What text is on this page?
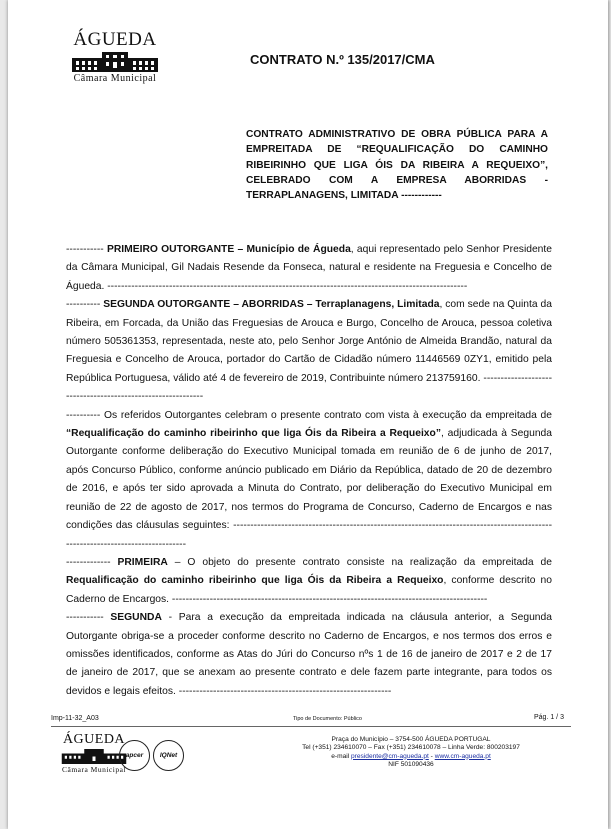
ÁGUEDA
Câmara Municipal
CONTRATO N.º 135/2017/CMA
CONTRATO ADMINISTRATIVO DE OBRA PÚBLICA PARA A EMPREITADA DE “REQUALIFICAÇÃO DO CAMINHO RIBEIRINHO QUE LIGA ÓIS DA RIBEIRA A REQUEIXO”, CELEBRADO COM A EMPRESA ABORRIDAS - TERRAPLANAGENS, LIMITADA ------------

----------- PRIMEIRO OUTORGANTE – Município de Águeda, aqui representado pelo Senhor Presidente da Câmara Municipal, Gil Nadais Resende da Fonseca, natural e residente na Freguesia e Concelho de Águeda. ---------------------------------------------------------------------------------------------------------

---------- SEGUNDA OUTORGANTE – ABORRIDAS – Terraplanagens, Limitada, com sede na Quinta da Ribeira, em Forcada, da União das Freguesias de Arouca e Burgo, Concelho de Arouca, pessoa coletiva número 505361353, representada, neste ato, pelo Senhor Jorge António de Almeida Brandão, natural da Freguesia e Concelho de Arouca, portador do Cartão de Cidadão número 11446569 0ZY1, emitido pela República Portuguesa, válido até 4 de fevereiro de 2019, Contribuinte número 213759160. ------------------------------------------------------------

---------- Os referidos Outorgantes celebram o presente contrato com vista à execução da empreitada de “Requalificação do caminho ribeirinho que liga Óis da Ribeira a Requeixo”, adjudicada à Segunda Outorgante conforme deliberação do Executivo Municipal tomada em reunião de 6 de junho de 2017, após Concurso Público, conforme anúncio publicado em Diário da República, datado de 20 de dezembro de 2016, e após ter sido aprovada a Minuta do Contrato, por deliberação do Executivo Municipal em reunião de 22 de agosto de 2017, nos termos do Programa de Concurso, Caderno de Encargos e nas condições das cláusulas seguintes: --------------------------------------------------------------------------------------------------------------------------------

------------- PRIMEIRA – O objeto do presente contrato consiste na realização da empreitada de Requalificação do caminho ribeirinho que liga Óis da Ribeira a Requeixo, conforme descrito no Caderno de Encargos. --------------------------------------------------------------------------------------------

----------- SEGUNDA - Para a execução da empreitada indicada na cláusula anterior, a Segunda Outorgante obriga-se a proceder conforme descrito no Caderno de Encargos, e nos termos dos erros e omissões identificados, conforme as Atas do Júri do Concurso nºs 1 de 16 de janeiro de 2017 e 2 de 17 de janeiro de 2017, que se anexam ao presente contrato e dele fazem parte integrante, para todos os devidos e legais efeitos. --------------------------------------------------------------

Imp-11-32_A03	Tipo de Documento: Público	Pág. 1 / 3
ÁGUEDA
Câmara Municipal
apcer	IQNet
Praça do Município – 3754-500 ÁGUEDA PORTUGAL
Tel (+351) 234610070 – Fax (+351) 234610078 – Linha Verde: 800203197
e-mail presidente@cm-agueda.pt - www.cm-agueda.pt
NIF 501090436
